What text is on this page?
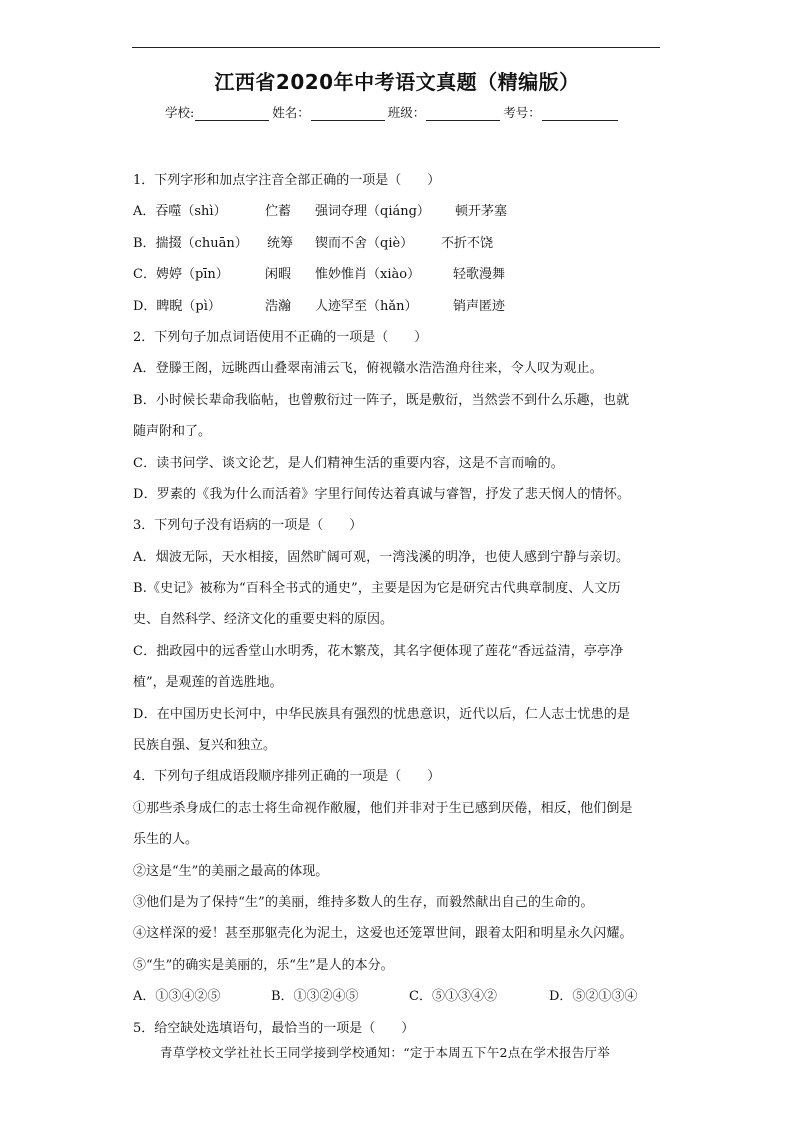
江西省2020年中考语文真题（精编版）
学校:	姓名：	班级：	考号：
1．下列字形和加点字注音全部正确的一项是（　　）
A．吞噬（shì）	伫蓄 强词夺理（qiáng） 顿开茅塞
B．揣掇（chuān） 统筹 锲而不舍（qiè） 不折不饶
C．娉婷（pīn）	闲暇 惟妙惟肖（xiào）	轻歌漫舞
D．睥睨（pì）	浩瀚 人迹罕至（hǎn）	销声匿迹
2．下列句子加点词语使用不正确的一项是（　　）
A．登滕王阁，远眺西山叠翠南浦云飞，俯视赣水浩浩渔舟往来，令人叹为观止。
B．小时候长辈命我临帖，也曾敷衍过一阵子，既是敷衍，当然尝不到什么乐趣，也就
随声附和了。
C．读书问学、谈文论艺，是人们精神生活的重要内容，这是不言而喻的。
D．罗素的《我为什么而活着》字里行间传达着真诚与睿智，抒发了悲天悯人的情怀。
3．下列句子没有语病的一项是（　　）
A．烟波无际，天水相接，固然旷阔可观，一湾浅溪的明净，也使人感到宁静与亲切。
B.《史记》被称为“百科全书式的通史”，主要是因为它是研究古代典章制度、人文历
史、自然科学、经济文化的重要史料的原因。
C．拙政园中的远香堂山水明秀，花木繁茂，其名字便体现了莲花“香远益清，亭亭净
植”，是观莲的首选胜地。
D．在中国历史长河中，中华民族具有强烈的忧患意识，近代以后，仁人志士忧患的是
民族自强、复兴和独立。
4．下列句子组成语段顺序排列正确的一项是（　　）
①那些杀身成仁的志士将生命视作敝履，他们并非对于生已感到厌倦，相反，他们倒是
乐生的人。
②这是“生”的美丽之最高的体现。
③他们是为了保持“生”的美丽，维持多数人的生存，而毅然献出自己的生命的。
④这样深的爱！甚至那躯壳化为泥土，这爱也还笼罩世间，跟着太阳和明星永久闪耀。
⑤“生”的确实是美丽的，乐“生”是人的本分。
A．①③④②⑤	B．①③②④⑤	C．⑤①③④②	D．⑤②①③④
5．给空缺处选填语句，最恰当的一项是（　　）
青草学校文学社社长王同学接到学校通知：“定于本周五下午2点在学术报告厅举
